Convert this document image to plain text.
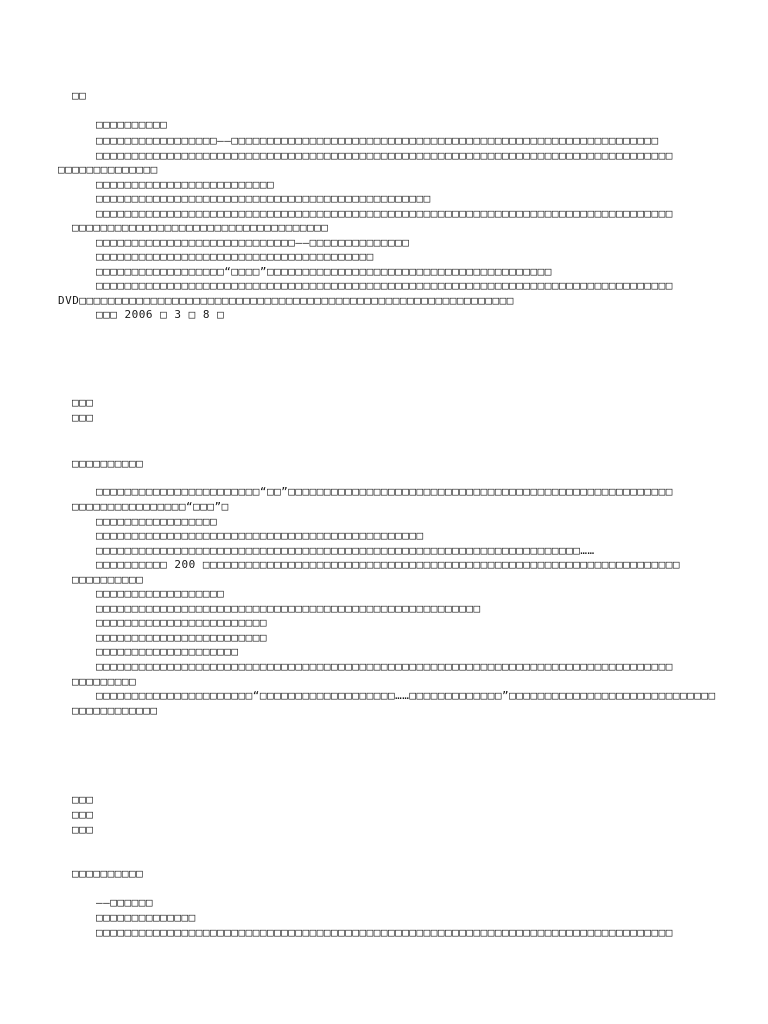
□□
□□□□□□□□□□
□□□□□□□□□□□□□□□□□——□□□□□□□□□□□□□□□□□□□□□□□□□□□□□□□□□□□□□□□□□□□□□□□□□□□□□□□□□□□□
□□□□□□□□□□□□□□□□□□□□□□□□□□□□□□□□□□□□□□□□□□□□□□□□□□□□□□□□□□□□□□□□□□□□□□□□□□□□□□□□□
□□□□□□□□□□□□□□
□□□□□□□□□□□□□□□□□□□□□□□□□
□□□□□□□□□□□□□□□□□□□□□□□□□□□□□□□□□□□□□□□□□□□□□□□
□□□□□□□□□□□□□□□□□□□□□□□□□□□□□□□□□□□□□□□□□□□□□□□□□□□□□□□□□□□□□□□□□□□□□□□□□□□□□□□□□
□□□□□□□□□□□□□□□□□□□□□□□□□□□□□□□□□□□□
□□□□□□□□□□□□□□□□□□□□□□□□□□□□——□□□□□□□□□□□□□□
□□□□□□□□□□□□□□□□□□□□□□□□□□□□□□□□□□□□□□□
□□□□□□□□□□□□□□□□□□“□□□□”□□□□□□□□□□□□□□□□□□□□□□□□□□□□□□□□□□□□□□□□
□□□□□□□□□□□□□□□□□□□□□□□□□□□□□□□□□□□□□□□□□□□□□□□□□□□□□□□□□□□□□□□□□□□□□□□□□□□□□□□□□
DVD□□□□□□□□□□□□□□□□□□□□□□□□□□□□□□□□□□□□□□□□□□□□□□□□□□□□□□□□□□□□□
□□□ 2006 □ 3 □ 8 □
□□□
□□□
□□□□□□□□□□
□□□□□□□□□□□□□□□□□□□□□□□“□□”□□□□□□□□□□□□□□□□□□□□□□□□□□□□□□□□□□□□□□□□□□□□□□□□□□□□□□
□□□□□□□□□□□□□□□□“□□□”□
□□□□□□□□□□□□□□□□□
□□□□□□□□□□□□□□□□□□□□□□□□□□□□□□□□□□□□□□□□□□□□□□
□□□□□□□□□□□□□□□□□□□□□□□□□□□□□□□□□□□□□□□□□□□□□□□□□□□□□□□□□□□□□□□□□□□□……
□□□□□□□□□□ 200 □□□□□□□□□□□□□□□□□□□□□□□□□□□□□□□□□□□□□□□□□□□□□□□□□□□□□□□□□□□□□□□□□□□
□□□□□□□□□□
□□□□□□□□□□□□□□□□□□
□□□□□□□□□□□□□□□□□□□□□□□□□□□□□□□□□□□□□□□□□□□□□□□□□□□□□□
□□□□□□□□□□□□□□□□□□□□□□□□
□□□□□□□□□□□□□□□□□□□□□□□□
□□□□□□□□□□□□□□□□□□□□
□□□□□□□□□□□□□□□□□□□□□□□□□□□□□□□□□□□□□□□□□□□□□□□□□□□□□□□□□□□□□□□□□□□□□□□□□□□□□□□□□
□□□□□□□□□
□□□□□□□□□□□□□□□□□□□□□□“□□□□□□□□□□□□□□□□□□□……□□□□□□□□□□□□□”□□□□□□□□□□□□□□□□□□□□□□□□□□□□□
□□□□□□□□□□□□
□□□
□□□
□□□
□□□□□□□□□□
——□□□□□□
□□□□□□□□□□□□□□
□□□□□□□□□□□□□□□□□□□□□□□□□□□□□□□□□□□□□□□□□□□□□□□□□□□□□□□□□□□□□□□□□□□□□□□□□□□□□□□□□
